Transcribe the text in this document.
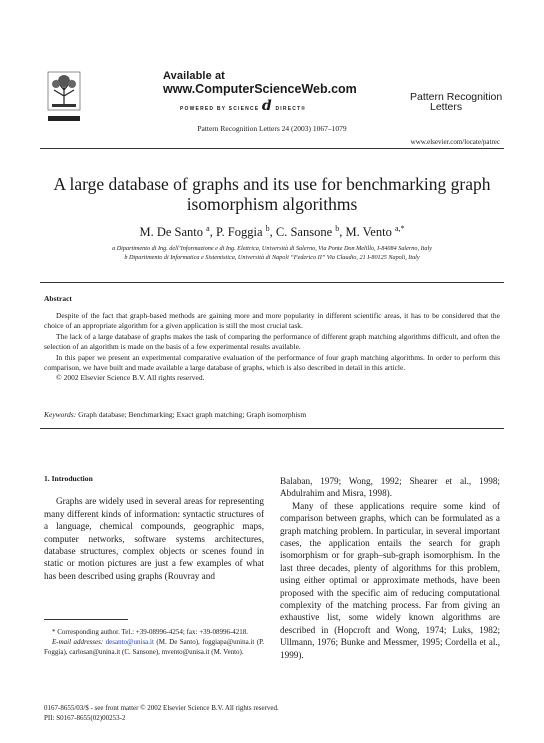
Available at
www.ComputerScienceWeb.com
POWERED BY SCIENCE d DIRECT®
Pattern Recognition
Letters
Pattern Recognition Letters 24 (2003) 1067–1079
www.elsevier.com/locate/patrec
A large database of graphs and its use for benchmarking graph isomorphism algorithms
M. De Santo $^a$, P. Foggia $^b$, C. Sansone $^b$, M. Vento $^{a,*}$
a Dipartimento di Ing. dell’Informazione e di Ing. Elettrica, Università di Salerno, Via Ponte Don Melillo, I-84084 Salerno, Italy
b Dipartimento di Informatica e Sistemistica, Università di Napoli “Federico II” Via Claudio, 21 I-80125 Napoli, Italy
Abstract

Despite of the fact that graph-based methods are gaining more and more popularity in different scientific areas, it has to be considered that the choice of an appropriate algorithm for a given application is still the most crucial task.

The lack of a large database of graphs makes the task of comparing the performance of different graph matching algorithms difficult, and often the selection of an algorithm is made on the basis of a few experimental results available.

In this paper we present an experimental comparative evaluation of the performance of four graph matching algorithms. In order to perform this comparison, we have built and made available a large database of graphs, which is also described in detail in this article.

© 2002 Elsevier Science B.V. All rights reserved.

Keywords: Graph database; Benchmarking; Exact graph matching; Graph isomorphism
1. Introduction

Graphs are widely used in several areas for representing many different kinds of information: syntactic structures of a language, chemical compounds, geographic maps, computer networks, software systems architectures, database structures, complex objects or scenes found in static or motion pictures are just a few examples of what has been described using graphs (Rouvray and

Balaban, 1979; Wong, 1992; Shearer et al., 1998; Abdulrahim and Misra, 1998).

Many of these applications require some kind of comparison between graphs, which can be formulated as a graph matching problem. In particular, in several important cases, the application entails the search for graph isomorphism or for graph–sub-graph isomorphism. In the last three decades, plenty of algorithms for this problem, using either optimal or approximate methods, have been proposed with the specific aim of reducing computational complexity of the matching process. Far from giving an exhaustive list, some widely known algorithms are described in (Hopcroft and Wong, 1974; Luks, 1982; Ullmann, 1976; Bunke and Messmer, 1995; Cordella et al., 1999).

* Corresponding author. Tel.: +39-08996-4254; fax: +39-08996-4218.
E-mail addresses: desanto@unisa.it (M. De Santo), foggiapa@unina.it (P. Foggia), carlosan@unina.it (C. Sansone), mvento@unisa.it (M. Vento).
0167-8655/03/$ - see front matter © 2002 Elsevier Science B.V. All rights reserved.
PII: S0167-8655(02)00253-2
